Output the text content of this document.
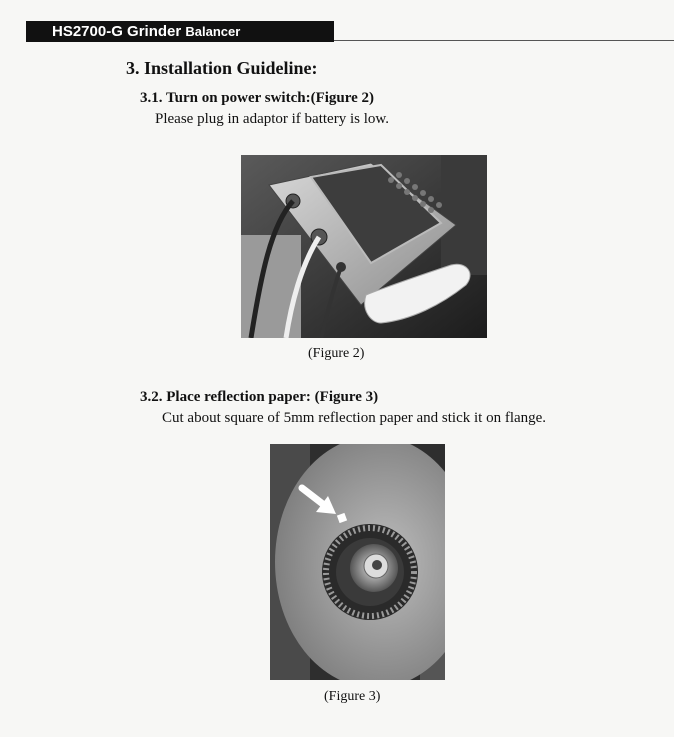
HS2700-G Grinder Balancer
3. Installation Guideline:
3.1. Turn on power switch:(Figure 2)
Please plug in adaptor if battery is low.
(Figure 2)
3.2. Place reflection paper: (Figure 3)
Cut about square of 5mm reflection paper and stick it on flange.
(Figure 3)
